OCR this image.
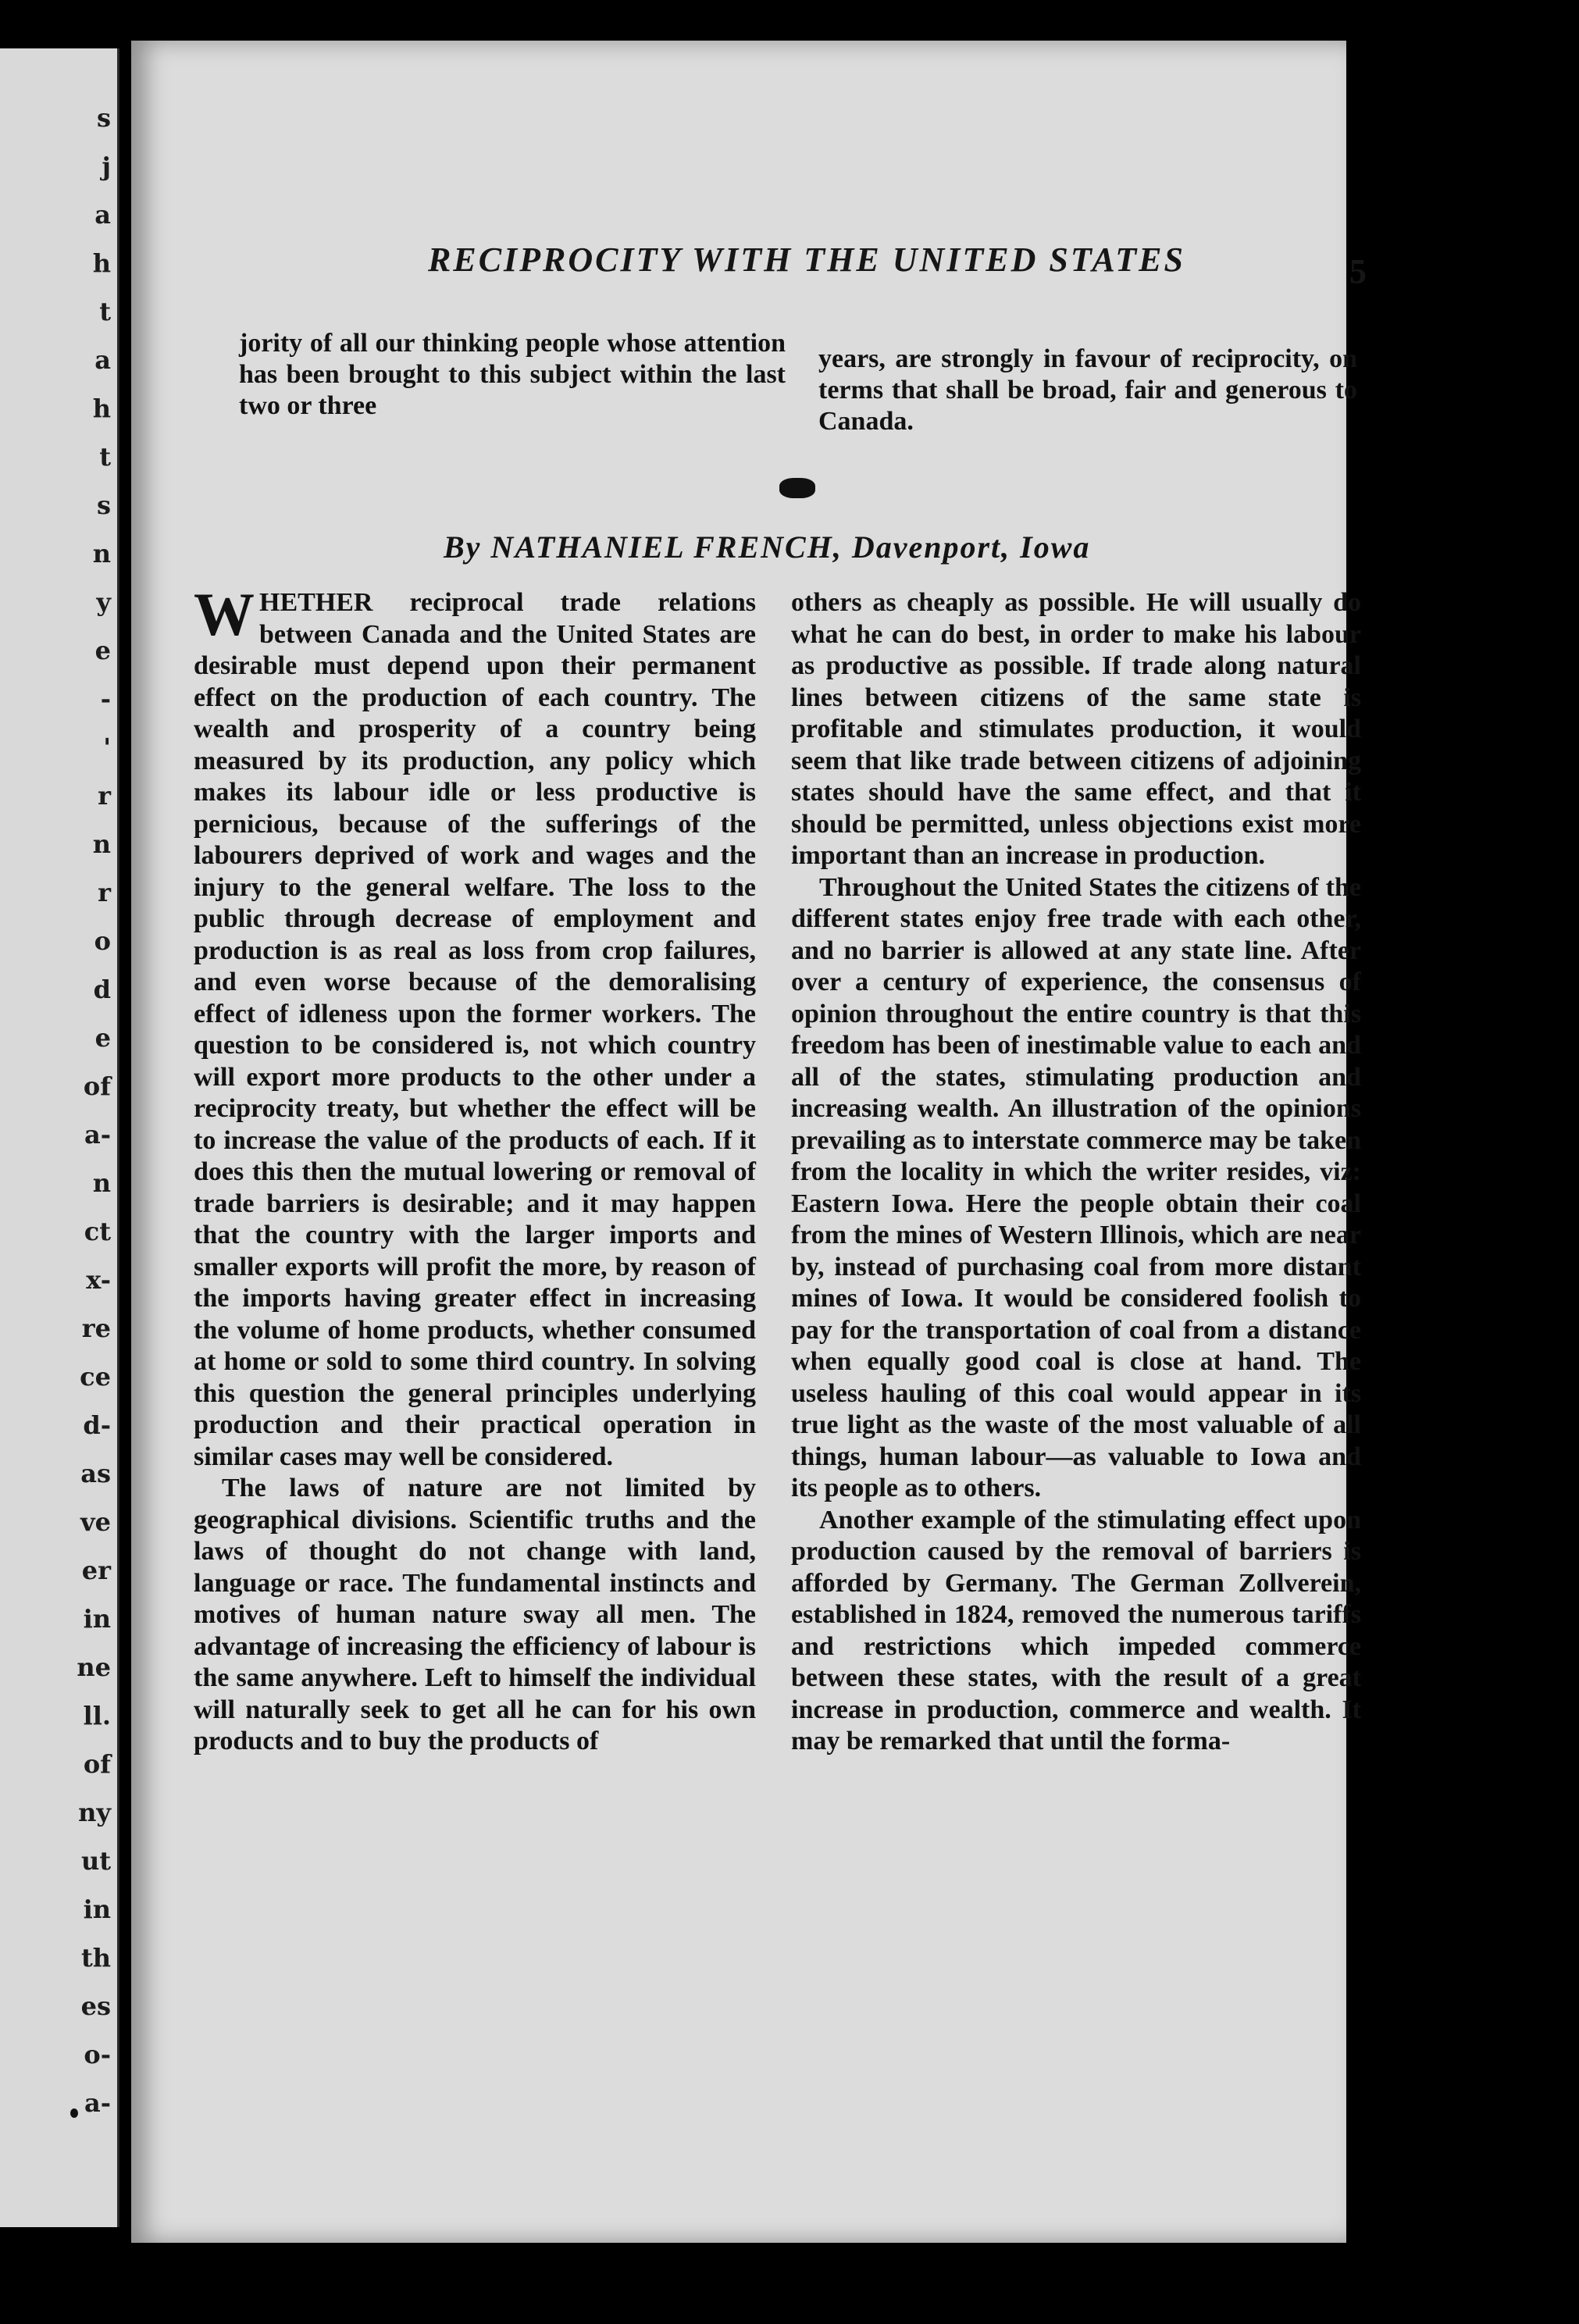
s
j
a
h
t
a
h
t
s
n
y
e
-
'
r
n
r
o
d
e
of
a-
n
ct
x-
re
ce
d-
as
ve
er
in
ne
ll.
of
ny
ut
in
th
es
o-
a-
RECIPROCITY WITH THE UNITED STATES	5

jority of all our thinking people whose attention has been brought to this subject within the last two or three

years, are strongly in favour of reciprocity, on terms that shall be broad, fair and generous to Canada.

By NATHANIEL FRENCH, Davenport, Iowa

WHETHER reciprocal trade relations between Canada and the United States are desirable must depend upon their permanent effect on the production of each country. The wealth and prosperity of a country being measured by its production, any policy which makes its labour idle or less productive is pernicious, because of the sufferings of the labourers deprived of work and wages and the injury to the general welfare. The loss to the public through decrease of employment and production is as real as loss from crop failures, and even worse because of the demoralising effect of idleness upon the former workers. The question to be considered is, not which country will export more products to the other under a reciprocity treaty, but whether the effect will be to increase the value of the products of each. If it does this then the mutual lowering or removal of trade barriers is desirable; and it may happen that the country with the larger imports and smaller exports will profit the more, by reason of the imports having greater effect in increasing the volume of home products, whether consumed at home or sold to some third country. In solving this question the general principles underlying production and their practical operation in similar cases may well be considered.

The laws of nature are not limited by geographical divisions. Scientific truths and the laws of thought do not change with land, language or race. The fundamental instincts and motives of human nature sway all men. The advantage of increasing the efficiency of labour is the same anywhere. Left to himself the individual will naturally seek to get all he can for his own products and to buy the products of

others as cheaply as possible. He will usually do what he can do best, in order to make his labour as productive as possible. If trade along natural lines between citizens of the same state is profitable and stimulates production, it would seem that like trade between citizens of adjoining states should have the same effect, and that it should be permitted, unless objections exist more important than an increase in production.

Throughout the United States the citizens of the different states enjoy free trade with each other, and no barrier is allowed at any state line. After over a century of experience, the consensus of opinion throughout the entire country is that this freedom has been of inestimable value to each and all of the states, stimulating production and increasing wealth. An illustration of the opinions prevailing as to interstate commerce may be taken from the locality in which the writer resides, viz: Eastern Iowa. Here the people obtain their coal from the mines of Western Illinois, which are near by, instead of purchasing coal from more distant mines of Iowa. It would be considered foolish to pay for the transportation of coal from a distance when equally good coal is close at hand. The useless hauling of this coal would appear in its true light as the waste of the most valuable of all things, human labour—as valuable to Iowa and its people as to others.

Another example of the stimulating effect upon production caused by the removal of barriers is afforded by Germany. The German Zollverein, established in 1824, removed the numerous tariffs and restrictions which impeded commerce between these states, with the result of a great increase in production, commerce and wealth. It may be remarked that until the forma-
